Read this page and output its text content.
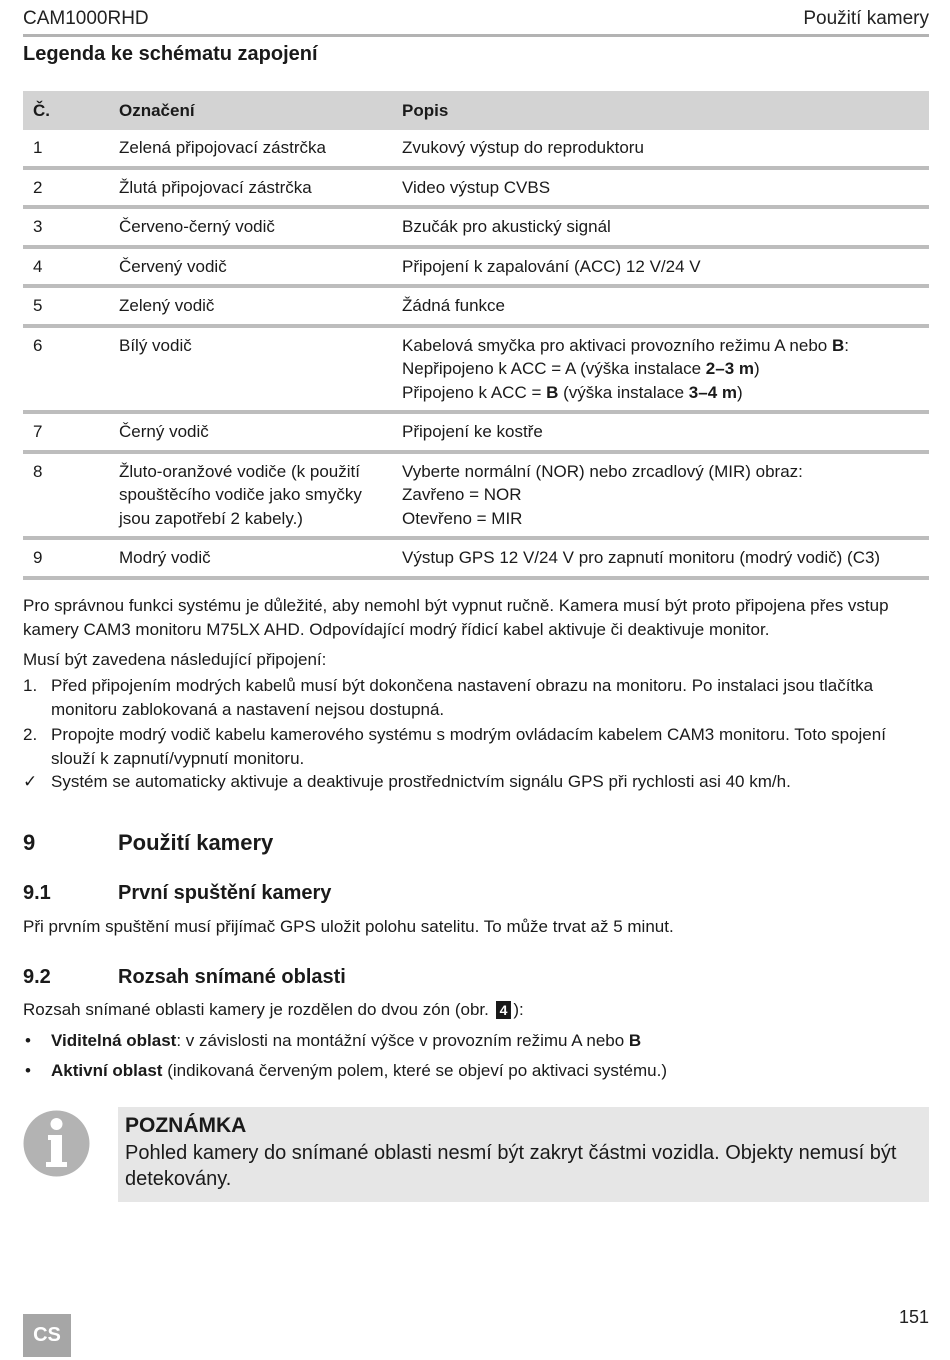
CAM1000RHD	Použití kamery
Legenda ke schématu zapojení
Č.	Označení	Popis
1	Zelená připojovací zástrčka	Zvukový výstup do reproduktoru
2	Žlutá připojovací zástrčka	Video výstup CVBS
3	Červeno-černý vodič	Bzučák pro akustický signál
4	Červený vodič	Připojení k zapalování (ACC) 12 V/24 V
5	Zelený vodič	Žádná funkce
6	Bílý vodič	Kabelová smyčka pro aktivaci provozního režimu A nebo B:
Nepřipojeno k ACC = A (výška instalace 2–3 m)
Připojeno k ACC = B (výška instalace 3–4 m)

7	Černý vodič	Připojení ke kostře
8	Žluto-oranžové vodiče (k použití spouštěcího vodiče jako smyčky jsou zapotřebí 2 kabely.)	Vyberte normální (NOR) nebo zrcadlový (MIR) obraz:
Zavřeno = NOR
Otevřeno = MIR

9	Modrý vodič	Výstup GPS 12 V/24 V pro zapnutí monitoru (modrý vodič) (C3)
Pro správnou funkci systému je důležité, aby nemohl být vypnut ručně. Kamera musí být proto připojena přes vstup kamery CAM3 monitoru M75LX AHD. Odpovídající modrý řídicí kabel aktivuje či deaktivuje monitor.
Musí být zavedena následující připojení:
1. Před připojením modrých kabelů musí být dokončena nastavení obrazu na monitoru. Po instalaci jsou tlačítka monitoru zablokovaná a nastavení nejsou dostupná.
2. Propojte modrý vodič kabelu kamerového systému s modrým ovládacím kabelem CAM3 monitoru. Toto spojení slouží k zapnutí/vypnutí monitoru.
✓ Systém se automaticky aktivuje a deaktivuje prostřednictvím signálu GPS při rychlosti asi 40 km/h.
9	Použití kamery
9.1	První spuštění kamery
Při prvním spuštění musí přijímač GPS uložit polohu satelitu. To může trvat až 5 minut.
9.2	Rozsah snímané oblasti
Rozsah snímané oblasti kamery je rozdělen do dvou zón (obr. 4 ):
• Viditelná oblast: v závislosti na montážní výšce v provozním režimu A nebo B
• Aktivní oblast (indikovaná červeným polem, které se objeví po aktivaci systému.)
POZNÁMKA
Pohled kamery do snímané oblasti nesmí být zakryt částmi vozidla. Objekty nemusí být detekovány.
CS
151
